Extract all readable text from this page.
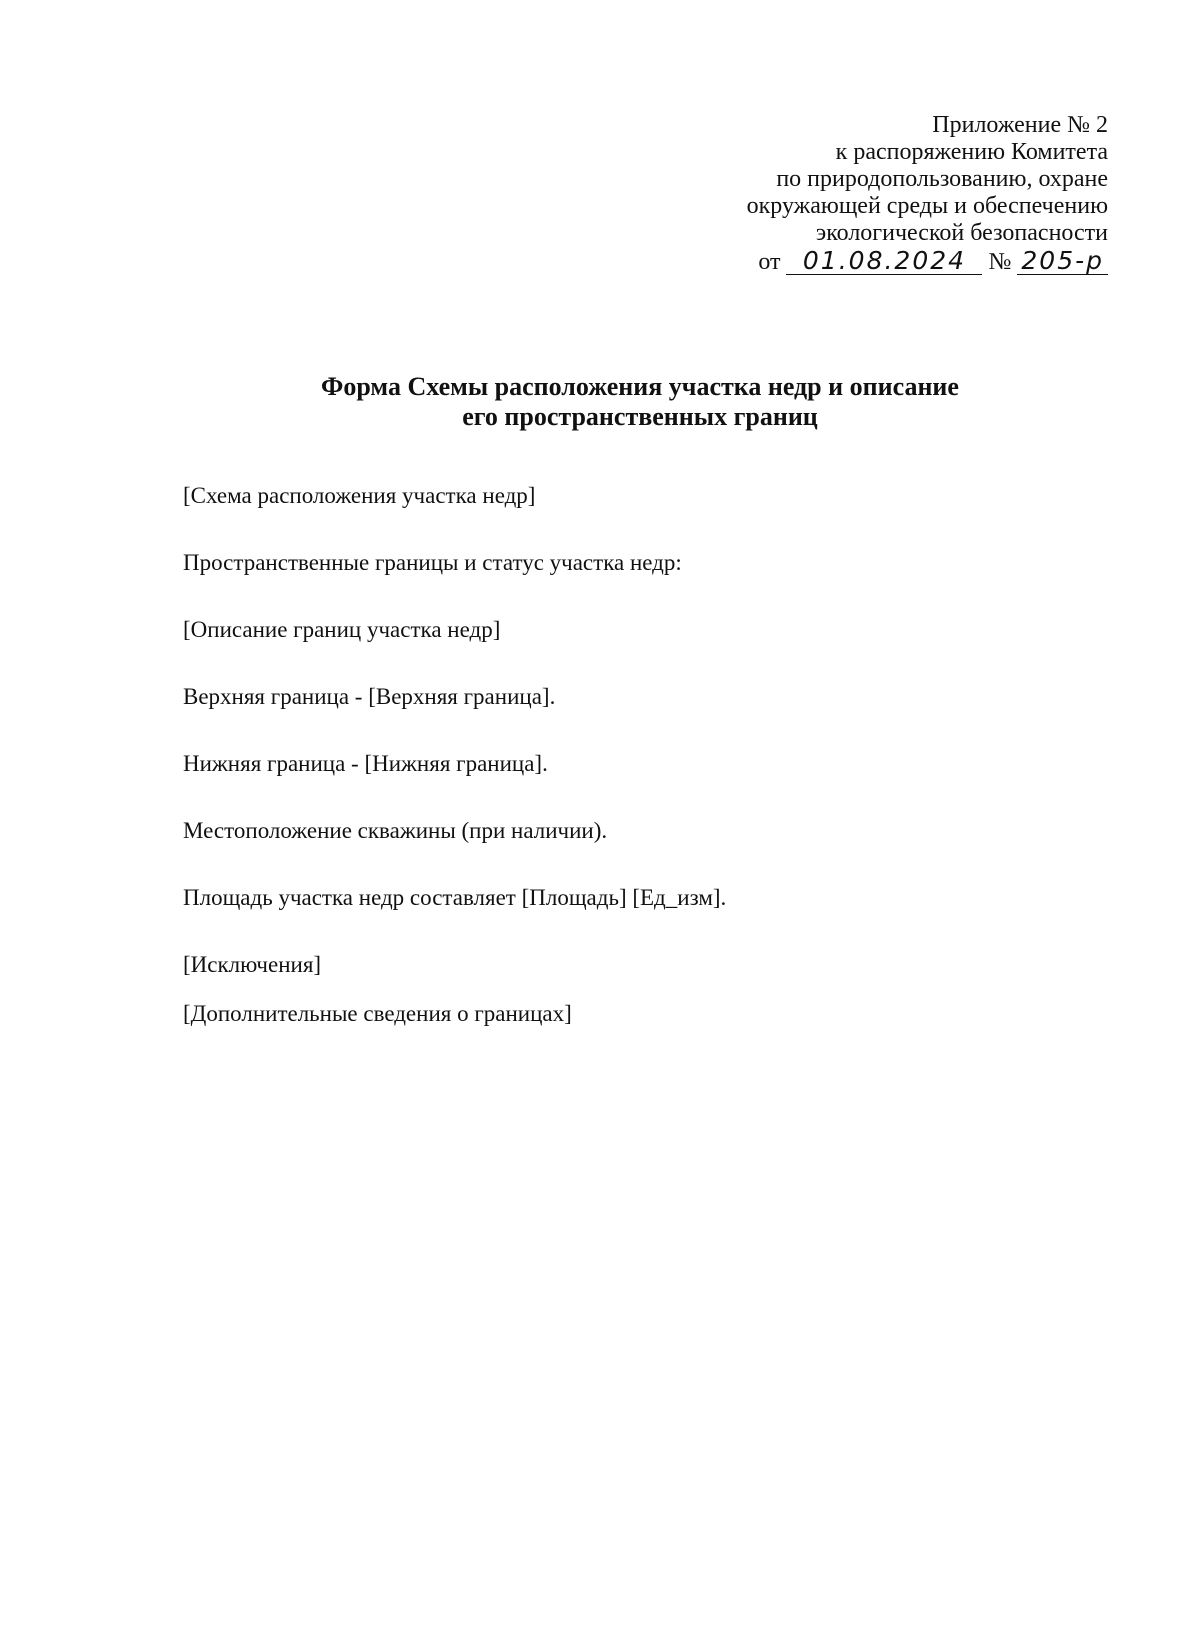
Приложение № 2
к распоряжению Комитета
по природопользованию, охране
окружающей среды и обеспечению
экологической безопасности
от 01.08.2024 № 205-р
Форма Схемы расположения участка недр и описание
его пространственных границ
[Схема расположения участка недр]
Пространственные границы и статус участка недр:
[Описание границ участка недр]
Верхняя граница - [Верхняя граница].
Нижняя граница - [Нижняя граница].
Местоположение скважины (при наличии).
Площадь участка недр составляет [Площадь] [Ед_изм].
[Исключения]
[Дополнительные сведения о границах]
